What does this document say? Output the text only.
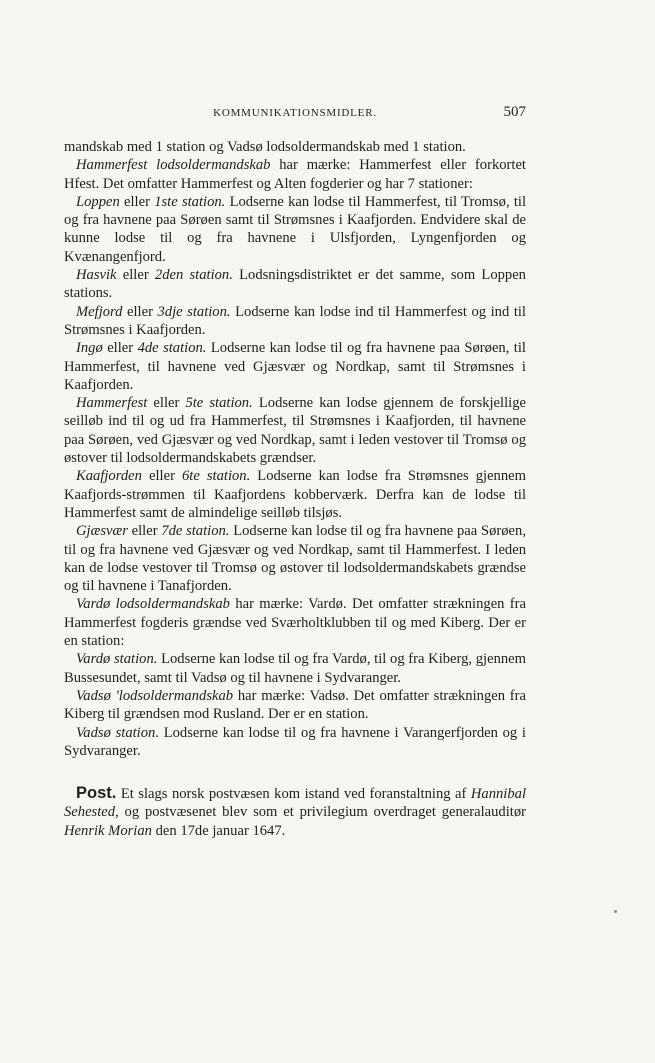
KOMMUNIKATIONSMIDLER.	507

mandskab med 1 station og Vadsø lodsoldermandskab med 1 station.

Hammerfest lodsoldermandskab har mærke: Hammerfest eller forkortet Hfest. Det omfatter Hammerfest og Alten fogderier og har 7 stationer:

Loppen eller 1ste station. Lodserne kan lodse til Hammerfest, til Tromsø, til og fra havnene paa Sørøen samt til Strømsnes i Kaafjorden. Endvidere skal de kunne lodse til og fra havnene i Ulsfjorden, Lyngenfjorden og Kvænangenfjord.

Hasvik eller 2den station. Lodsningsdistriktet er det samme, som Loppen stations.

Mefjord eller 3dje station. Lodserne kan lodse ind til Hammerfest og ind til Strømsnes i Kaafjorden.

Ingø eller 4de station. Lodserne kan lodse til og fra havnene paa Sørøen, til Hammerfest, til havnene ved Gjæsvær og Nordkap, samt til Strømsnes i Kaafjorden.

Hammerfest eller 5te station. Lodserne kan lodse gjennem de forskjellige seilløb ind til og ud fra Hammerfest, til Strømsnes i Kaafjorden, til havnene paa Sørøen, ved Gjæsvær og ved Nordkap, samt i leden vestover til Tromsø og østover til lodsoldermandskabets grændser.

Kaafjorden eller 6te station. Lodserne kan lodse fra Strømsnes gjennem Kaafjords-strømmen til Kaafjordens kobberværk. Derfra kan de lodse til Hammerfest samt de almindelige seilløb tilsjøs.

Gjæsvær eller 7de station. Lodserne kan lodse til og fra havnene paa Sørøen, til og fra havnene ved Gjæsvær og ved Nordkap, samt til Hammerfest. I leden kan de lodse vestover til Tromsø og østover til lodsoldermandskabets grændse og til havnene i Tanafjorden.

Vardø lodsoldermandskab har mærke: Vardø. Det omfatter strækningen fra Hammerfest fogderis grændse ved Sværholtklubben til og med Kiberg. Der er en station:

Vardø station. Lodserne kan lodse til og fra Vardø, til og fra Kiberg, gjennem Bussesundet, samt til Vadsø og til havnene i Sydvaranger.

Vadsø 'lodsoldermandskab har mærke: Vadsø. Det omfatter strækningen fra Kiberg til grændsen mod Rusland. Der er en station.

Vadsø station. Lodserne kan lodse til og fra havnene i Varangerfjorden og i Sydvaranger.

Post. Et slags norsk postvæsen kom istand ved foranstaltning af Hannibal Sehested, og postvæsenet blev som et privilegium overdraget generalauditør Henrik Morian den 17de januar 1647.
